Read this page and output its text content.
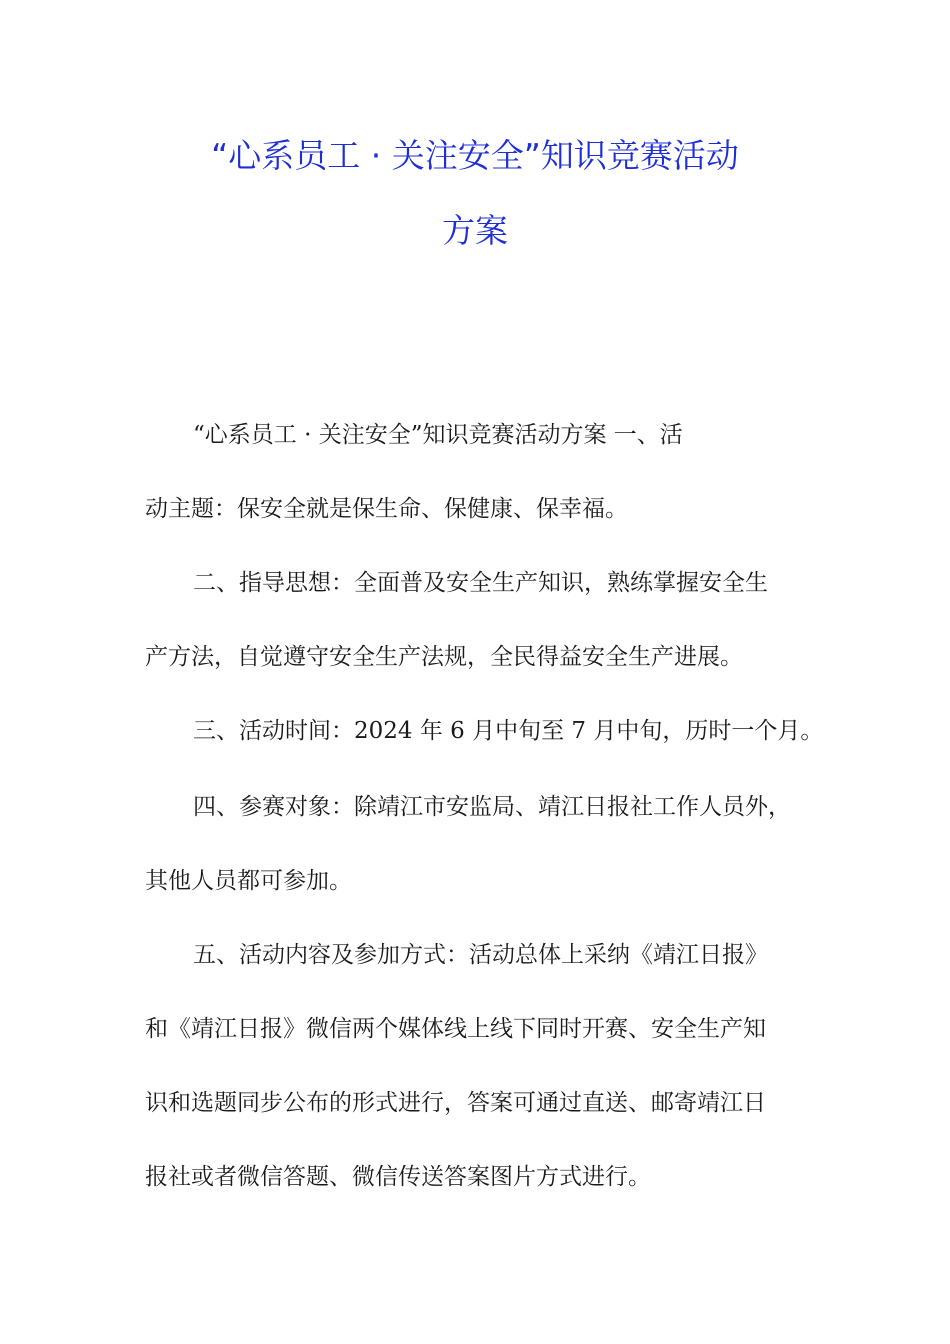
“心系员工 · 关注安全”知识竞赛活动
方案
“心系员工 · 关注安全”知识竞赛活动方案 一、活
动主题：保安全就是保生命、保健康、保幸福。
二、指导思想：全面普及安全生产知识，熟练掌握安全生
产方法，自觉遵守安全生产法规，全民得益安全生产进展。
三、活动时间：2024 年 6 月中旬至 7 月中旬，历时一个月。
四、参赛对象：除靖江市安监局、靖江日报社工作人员外，
其他人员都可参加。
五、活动内容及参加方式：活动总体上采纳《靖江日报》
和《靖江日报》微信两个媒体线上线下同时开赛、安全生产知
识和选题同步公布的形式进行，答案可通过直送、邮寄靖江日
报社或者微信答题、微信传送答案图片方式进行。
